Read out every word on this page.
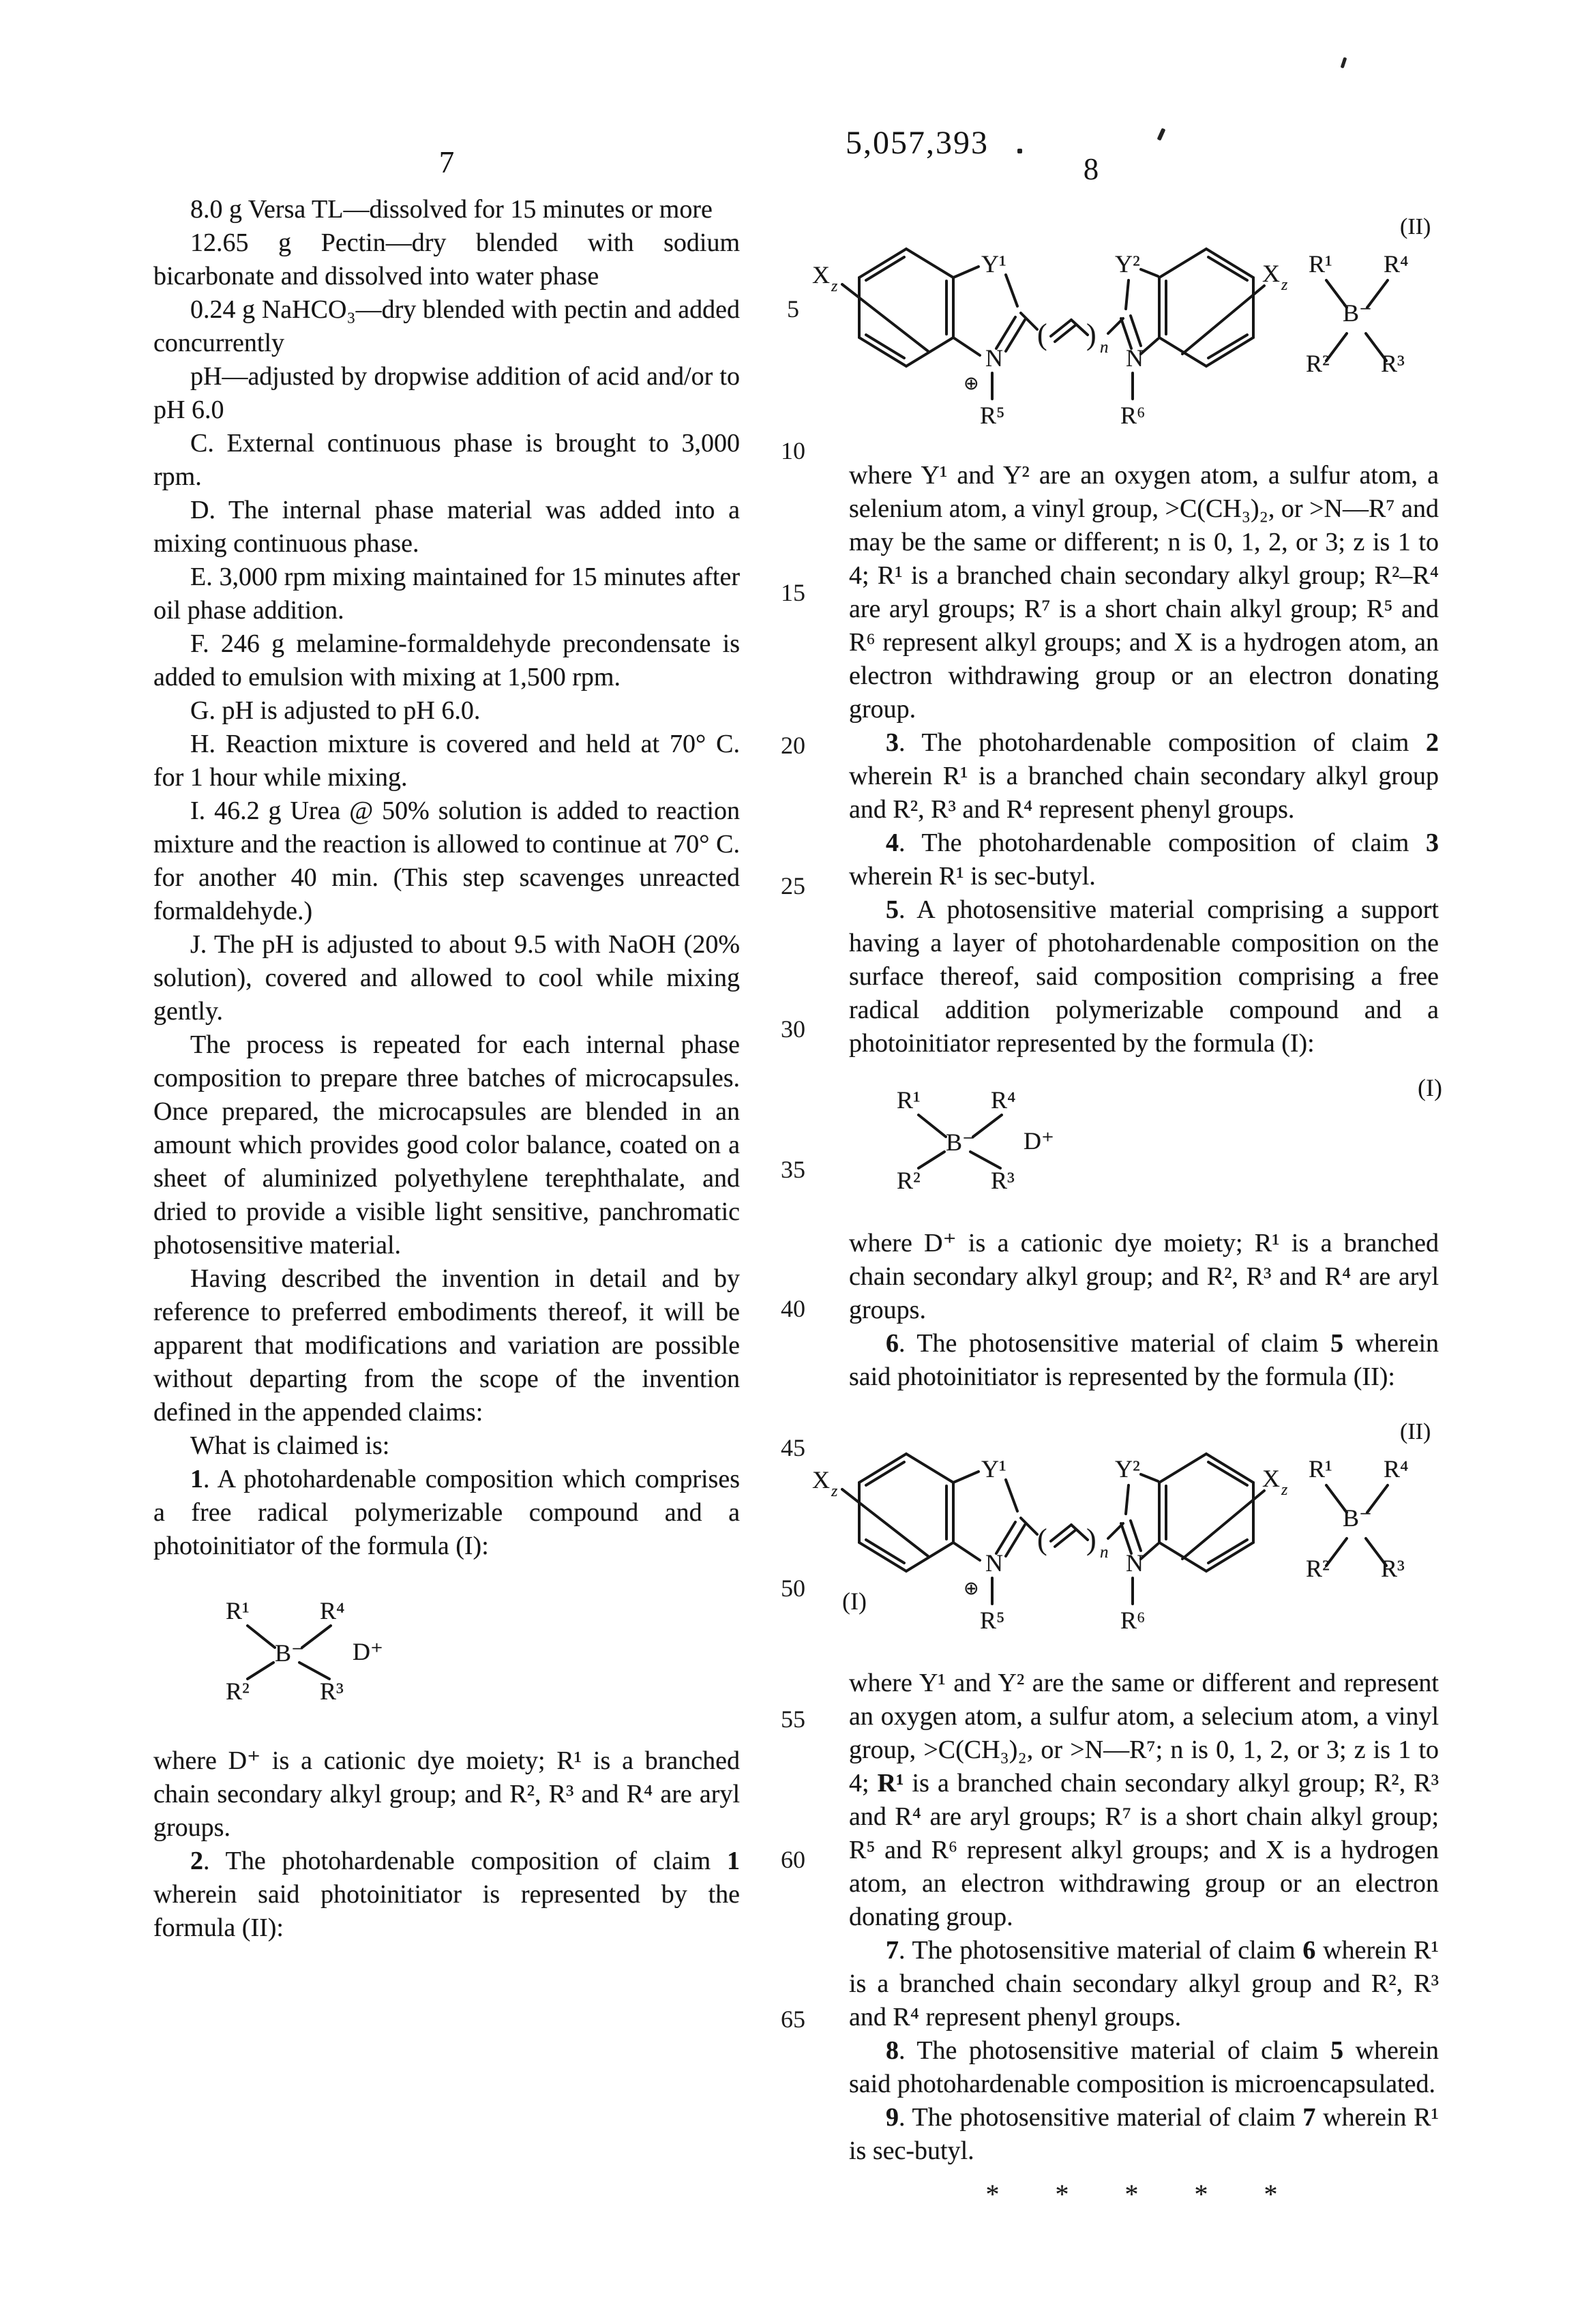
5,057,393
7	8
5
10
15
20
25
30
35
40
45
50
55
60
65

8.0 g Versa TL—dissolved for 15 minutes or more

12.65 g Pectin—dry blended with sodium bicarbonate and dissolved into water phase

0.24 g NaHCO₃—dry blended with pectin and added concurrently

pH—adjusted by dropwise addition of acid and/or to pH 6.0

C. External continuous phase is brought to 3,000 rpm.

D. The internal phase material was added into a mixing continuous phase.

E. 3,000 rpm mixing maintained for 15 minutes after oil phase addition.

F. 246 g melamine-formaldehyde precondensate is added to emulsion with mixing at 1,500 rpm.

G. pH is adjusted to pH 6.0.

H. Reaction mixture is covered and held at 70° C. for 1 hour while mixing.

I. 46.2 g Urea @ 50% solution is added to reaction mixture and the reaction is allowed to continue at 70° C. for another 40 min. (This step scavenges unreacted formaldehyde.)

J. The pH is adjusted to about 9.5 with NaOH (20% solution), covered and allowed to cool while mixing gently.

The process is repeated for each internal phase composition to prepare three batches of microcapsules. Once prepared, the microcapsules are blended in an amount which provides good color balance, coated on a sheet of aluminized polyethylene terephthalate, and dried to provide a visible light sensitive, panchromatic photosensitive material.

Having described the invention in detail and by reference to preferred embodiments thereof, it will be apparent that modifications and variation are possible without departing from the scope of the invention defined in the appended claims:

What is claimed is:

1. A photohardenable composition which comprises a free radical polymerizable compound and a photoinitiator of the formula (I):

(I)
R¹	R⁴
B⁻ D⁺
R²	R³

where D⁺ is a cationic dye moiety; R¹ is a branched chain secondary alkyl group; and R², R³ and R⁴ are aryl groups.

2. The photohardenable composition of claim 1 wherein said photoinitiator is represented by the formula (II):

X z
Y¹
N
⊕
R⁵
( ) n
Y²
N
R⁶
X z
R¹ R⁴
B⁻
R² R³
(II)

where Y¹ and Y² are an oxygen atom, a sulfur atom, a selenium atom, a vinyl group, >C(CH₃)₂, or >N—R⁷ and may be the same or different; n is 0, 1, 2, or 3; z is 1 to 4; R¹ is a branched chain secondary alkyl group; R²–R⁴ are aryl groups; R⁷ is a short chain alkyl group; R⁵ and R⁶ represent alkyl groups; and X is a hydrogen atom, an electron withdrawing group or an electron donating group.

3. The photohardenable composition of claim 2 wherein R¹ is a branched chain secondary alkyl group and R², R³ and R⁴ represent phenyl groups.

4. The photohardenable composition of claim 3 wherein R¹ is sec-butyl.

5. A photosensitive material comprising a support having a layer of photohardenable composition on the surface thereof, said composition comprising a free radical addition polymerizable compound and a photoinitiator represented by the formula (I):

(I)
R¹	R⁴
B⁻ D⁺
R²	R³

where D⁺ is a cationic dye moiety; R¹ is a branched chain secondary alkyl group; and R², R³ and R⁴ are aryl groups.

6. The photosensitive material of claim 5 wherein said photoinitiator is represented by the formula (II):

X z
Y¹
N
⊕
R⁵
( ) n
Y²
N
R⁶
X z
R¹ R⁴
B⁻
R² R³
(II)

where Y¹ and Y² are the same or different and represent an oxygen atom, a sulfur atom, a selecium atom, a vinyl group, >C(CH₃)₂, or >N—R⁷; n is 0, 1, 2, or 3; z is 1 to 4; R¹ is a branched chain secondary alkyl group; R², R³ and R⁴ are aryl groups; R⁷ is a short chain alkyl group; R⁵ and R⁶ represent alkyl groups; and X is a hydrogen atom, an electron withdrawing group or an electron donating group.

7. The photosensitive material of claim 6 wherein R¹ is a branched chain secondary alkyl group and R², R³ and R⁴ represent phenyl groups.

8. The photosensitive material of claim 5 wherein said photohardenable composition is microencapsulated.

9. The photosensitive material of claim 7 wherein R¹ is sec-butyl.

* * * * *
